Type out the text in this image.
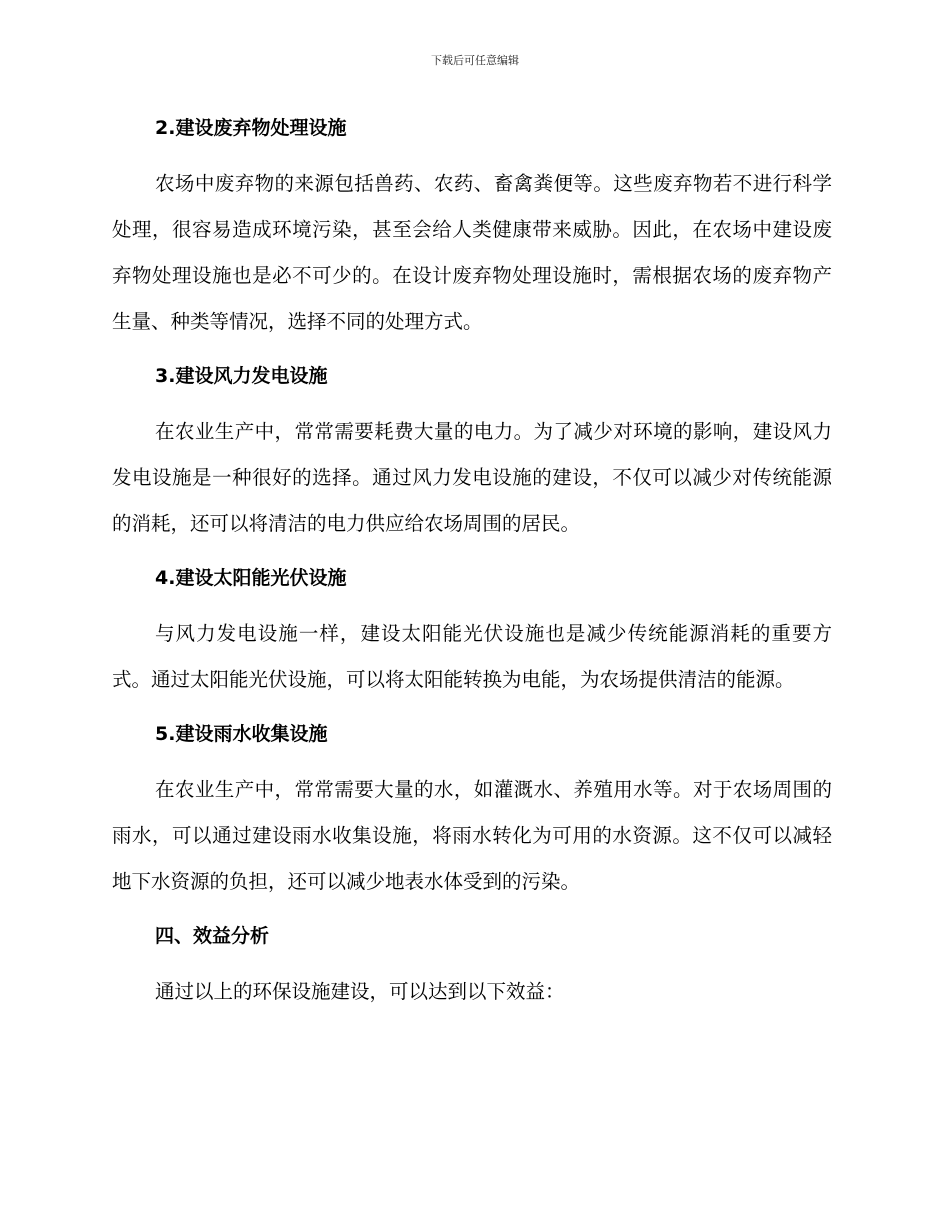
下载后可任意编辑
2.建设废弃物处理设施

农场中废弃物的来源包括兽药、农药、畜禽粪便等。这些废弃物若不进行科学处理，很容易造成环境污染，甚至会给人类健康带来威胁。因此，在农场中建设废弃物处理设施也是必不可少的。在设计废弃物处理设施时，需根据农场的废弃物产生量、种类等情况，选择不同的处理方式。

3.建设风力发电设施

在农业生产中，常常需要耗费大量的电力。为了减少对环境的影响，建设风力发电设施是一种很好的选择。通过风力发电设施的建设，不仅可以减少对传统能源的消耗，还可以将清洁的电力供应给农场周围的居民。

4.建设太阳能光伏设施

与风力发电设施一样，建设太阳能光伏设施也是减少传统能源消耗的重要方式。通过太阳能光伏设施，可以将太阳能转换为电能，为农场提供清洁的能源。

5.建设雨水收集设施

在农业生产中，常常需要大量的水，如灌溉水、养殖用水等。对于农场周围的雨水，可以通过建设雨水收集设施，将雨水转化为可用的水资源。这不仅可以减轻地下水资源的负担，还可以减少地表水体受到的污染。

四、效益分析

通过以上的环保设施建设，可以达到以下效益：
